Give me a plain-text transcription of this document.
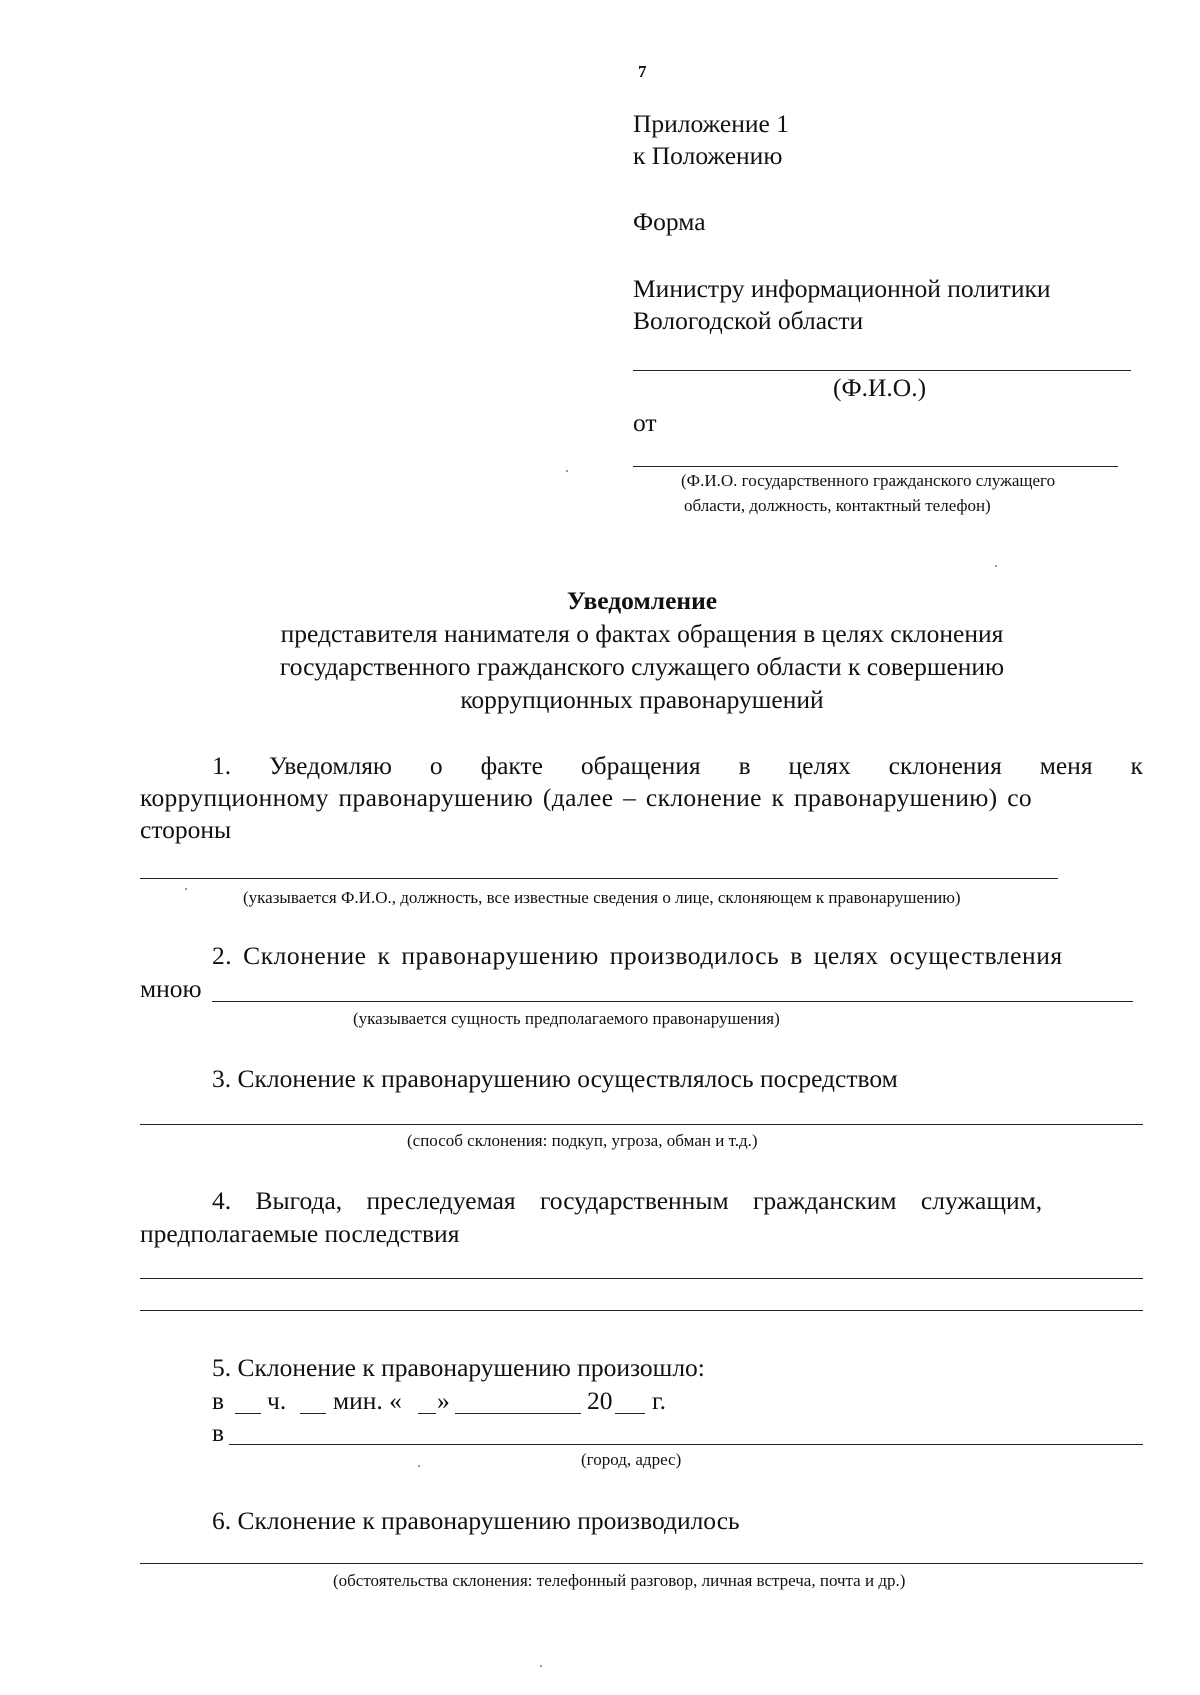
7
Приложение 1
к Положению
Форма
Министру информационной политики
Вологодской области
(Ф.И.О.)
от
(Ф.И.О. государственного гражданского служащего
области, должность, контактный телефон)
Уведомление
представителя нанимателя о фактах обращения в целях склонения
государственного гражданского служащего области к совершению
коррупционных правонарушений
1. Уведомляю о факте обращения в целях склонения меня к
коррупционному правонарушению (далее – склонение к правонарушению) со
стороны
(указывается Ф.И.О., должность, все известные сведения о лице, склоняющем к правонарушению)
2. Склонение к правонарушению производилось в целях осуществления
мною
(указывается сущность предполагаемого правонарушения)
3. Склонение к правонарушению осуществлялось посредством
(способ склонения: подкуп, угроза, обман и т.д.)
4. Выгода, преследуемая государственным гражданским служащим,
предполагаемые последствия
5. Склонение к правонарушению произошло:
в ч. мин. « »	20 г.
в
(город, адрес)
6. Склонение к правонарушению производилось
(обстоятельства склонения: телефонный разговор, личная встреча, почта и др.)
